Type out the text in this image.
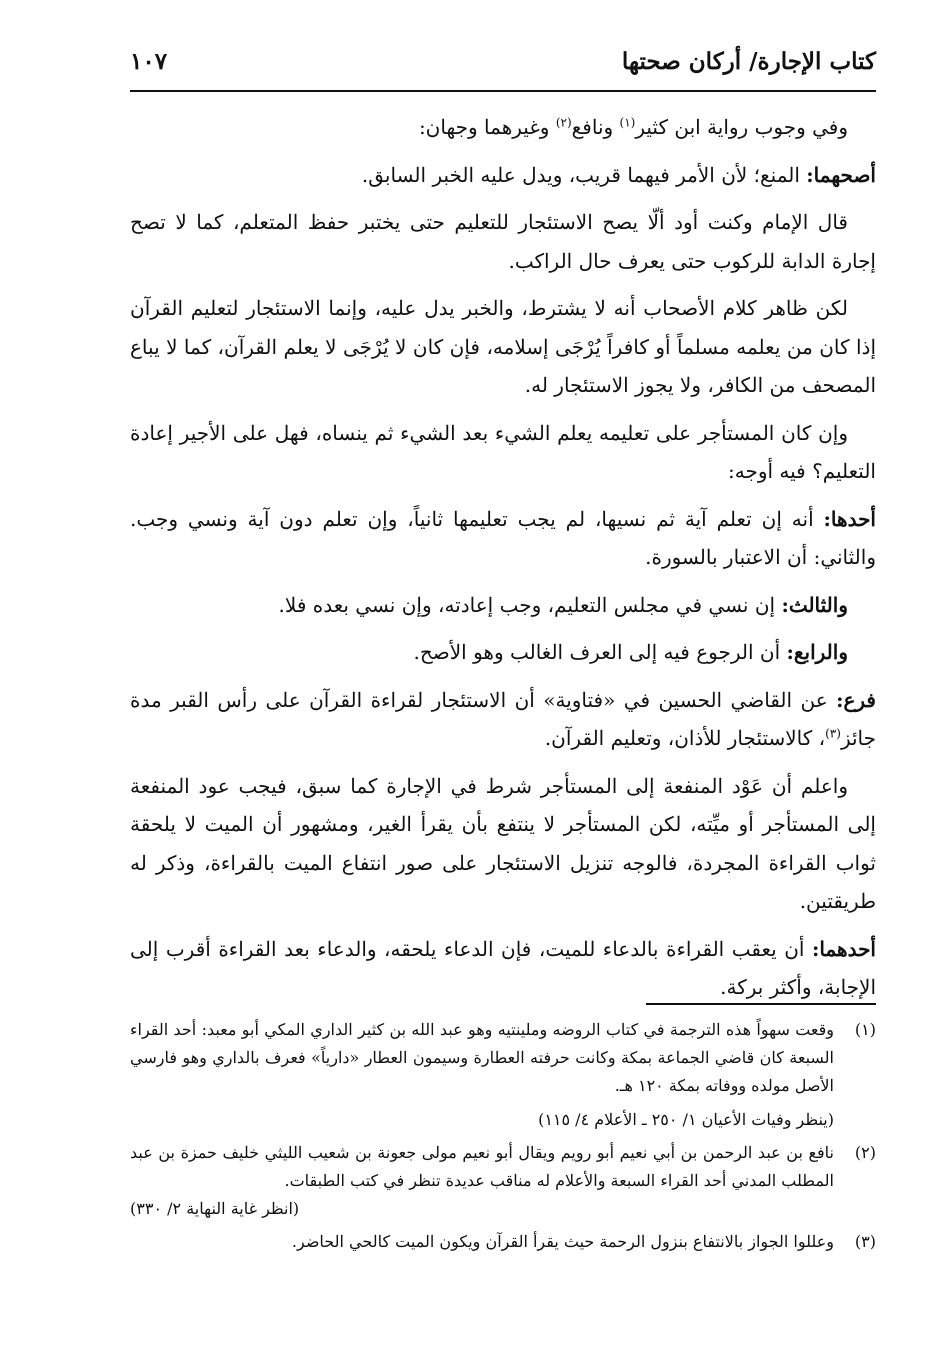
كتاب الإجارة/ أركان صحتها
١٠٧

وفي وجوب رواية ابن كثير$^{(١)}$ ونافع$^{(٢)}$ وغيرهما وجهان:

أصحهما: المنع؛ لأن الأمر فيهما قريب، ويدل عليه الخبر السابق.

قال الإمام وكنت أود ألّا يصح الاستئجار للتعليم حتى يختبر حفظ المتعلم، كما لا تصح إجارة الدابة للركوب حتى يعرف حال الراكب.

لكن ظاهر كلام الأصحاب أنه لا يشترط، والخبر يدل عليه، وإنما الاستئجار لتعليم القرآن إذا كان من يعلمه مسلماً أو كافراً يُرْجَى إسلامه، فإن كان لا يُرْجَى لا يعلم القرآن، كما لا يباع المصحف من الكافر، ولا يجوز الاستئجار له.

وإن كان المستأجر على تعليمه يعلم الشيء بعد الشيء ثم ينساه، فهل على الأجير إعادة التعليم؟ فيه أوجه:

أحدها: أنه إن تعلم آية ثم نسيها، لم يجب تعليمها ثانياً، وإن تعلم دون آية ونسي وجب. والثاني: أن الاعتبار بالسورة.

والثالث: إن نسي في مجلس التعليم، وجب إعادته، وإن نسي بعده فلا.

والرابع: أن الرجوع فيه إلى العرف الغالب وهو الأصح.

فرع: عن القاضي الحسين في «فتاوية» أن الاستئجار لقراءة القرآن على رأس القبر مدة جائز$^{(٣)}$، كالاستئجار للأذان، وتعليم القرآن.

واعلم أن عَوْد المنفعة إلى المستأجر شرط في الإجارة كما سبق، فيجب عود المنفعة إلى المستأجر أو ميِّته، لكن المستأجر لا ينتفع بأن يقرأ الغير، ومشهور أن الميت لا يلحقة ثواب القراءة المجردة، فالوجه تنزيل الاستئجار على صور انتفاع الميت بالقراءة، وذكر له طريقتين.

أحدهما: أن يعقب القراءة بالدعاء للميت، فإن الدعاء يلحقه، والدعاء بعد القراءة أقرب إلى الإجابة، وأكثر بركة.

(١)
وقعت سهواً هذه الترجمة في كتاب الروضه وملينتيه وهو عبد الله بن كثير الداري المكي أبو معبد: أحد القراء السبعة كان قاضي الجماعة بمكة وكانت حرفته العطارة وسيمون العطار «دارياً» فعرف بالداري وهو فارسي الأصل مولده ووفاته بمكة ١٢٠ هـ.
(ينظر وفيات الأعيان ١/ ٢٥٠ ـ الأعلام ٤/ ١١٥)
(٢)
نافع بن عبد الرحمن بن أبي نعيم أبو رويم ويقال أبو نعيم مولى جعونة بن شعيب الليثي خليف حمزة بن عبد المطلب المدني أحد القراء السبعة والأعلام له مناقب عديدة تنظر في كتب الطبقات.
(انظر غاية النهاية ٢/ ٣٣٠)
(٣)
وعللوا الجواز بالانتفاع بنزول الرحمة حيث يقرأ القرآن ويكون الميت كالحي الحاضر.
